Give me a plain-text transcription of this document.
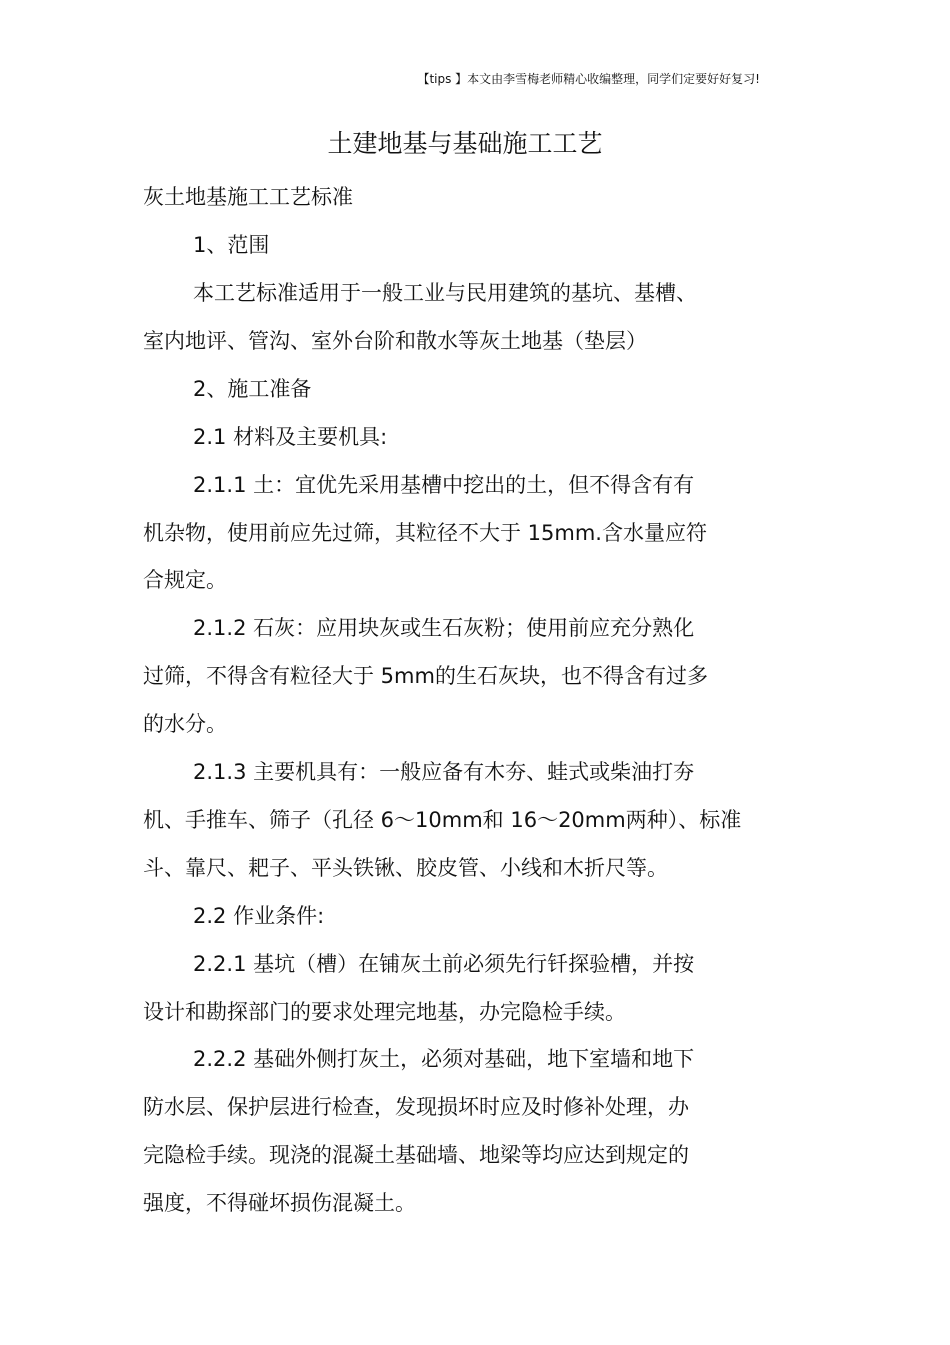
【tips 】本文由李雪梅老师精心收编整理，同学们定要好好复习!
土建地基与基础施工工艺
灰土地基施工工艺标准
1、范围
本工艺标准适用于一般工业与民用建筑的基坑、基槽、
室内地评、管沟、室外台阶和散水等灰土地基（垫层）
2、施工准备
2.1 材料及主要机具:
2.1.1 土：宜优先采用基槽中挖出的土，但不得含有有
机杂物，使用前应先过筛，其粒径不大于 15mm.含水量应符
合规定。
2.1.2 石灰：应用块灰或生石灰粉；使用前应充分熟化
过筛，不得含有粒径大于 5mm的生石灰块，也不得含有过多
的水分。
2.1.3 主要机具有：一般应备有木夯、蛙式或柴油打夯
机、手推车、筛子（孔径 6～10mm和 16～20mm两种）、标准
斗、靠尺、耙子、平头铁锹、胶皮管、小线和木折尺等。
2.2 作业条件:
2.2.1 基坑（槽）在铺灰土前必须先行钎探验槽，并按
设计和勘探部门的要求处理完地基，办完隐检手续。
2.2.2 基础外侧打灰土，必须对基础，地下室墙和地下
防水层、保护层进行检查，发现损坏时应及时修补处理，办
完隐检手续。现浇的混凝土基础墙、地梁等均应达到规定的
强度，不得碰坏损伤混凝土。
